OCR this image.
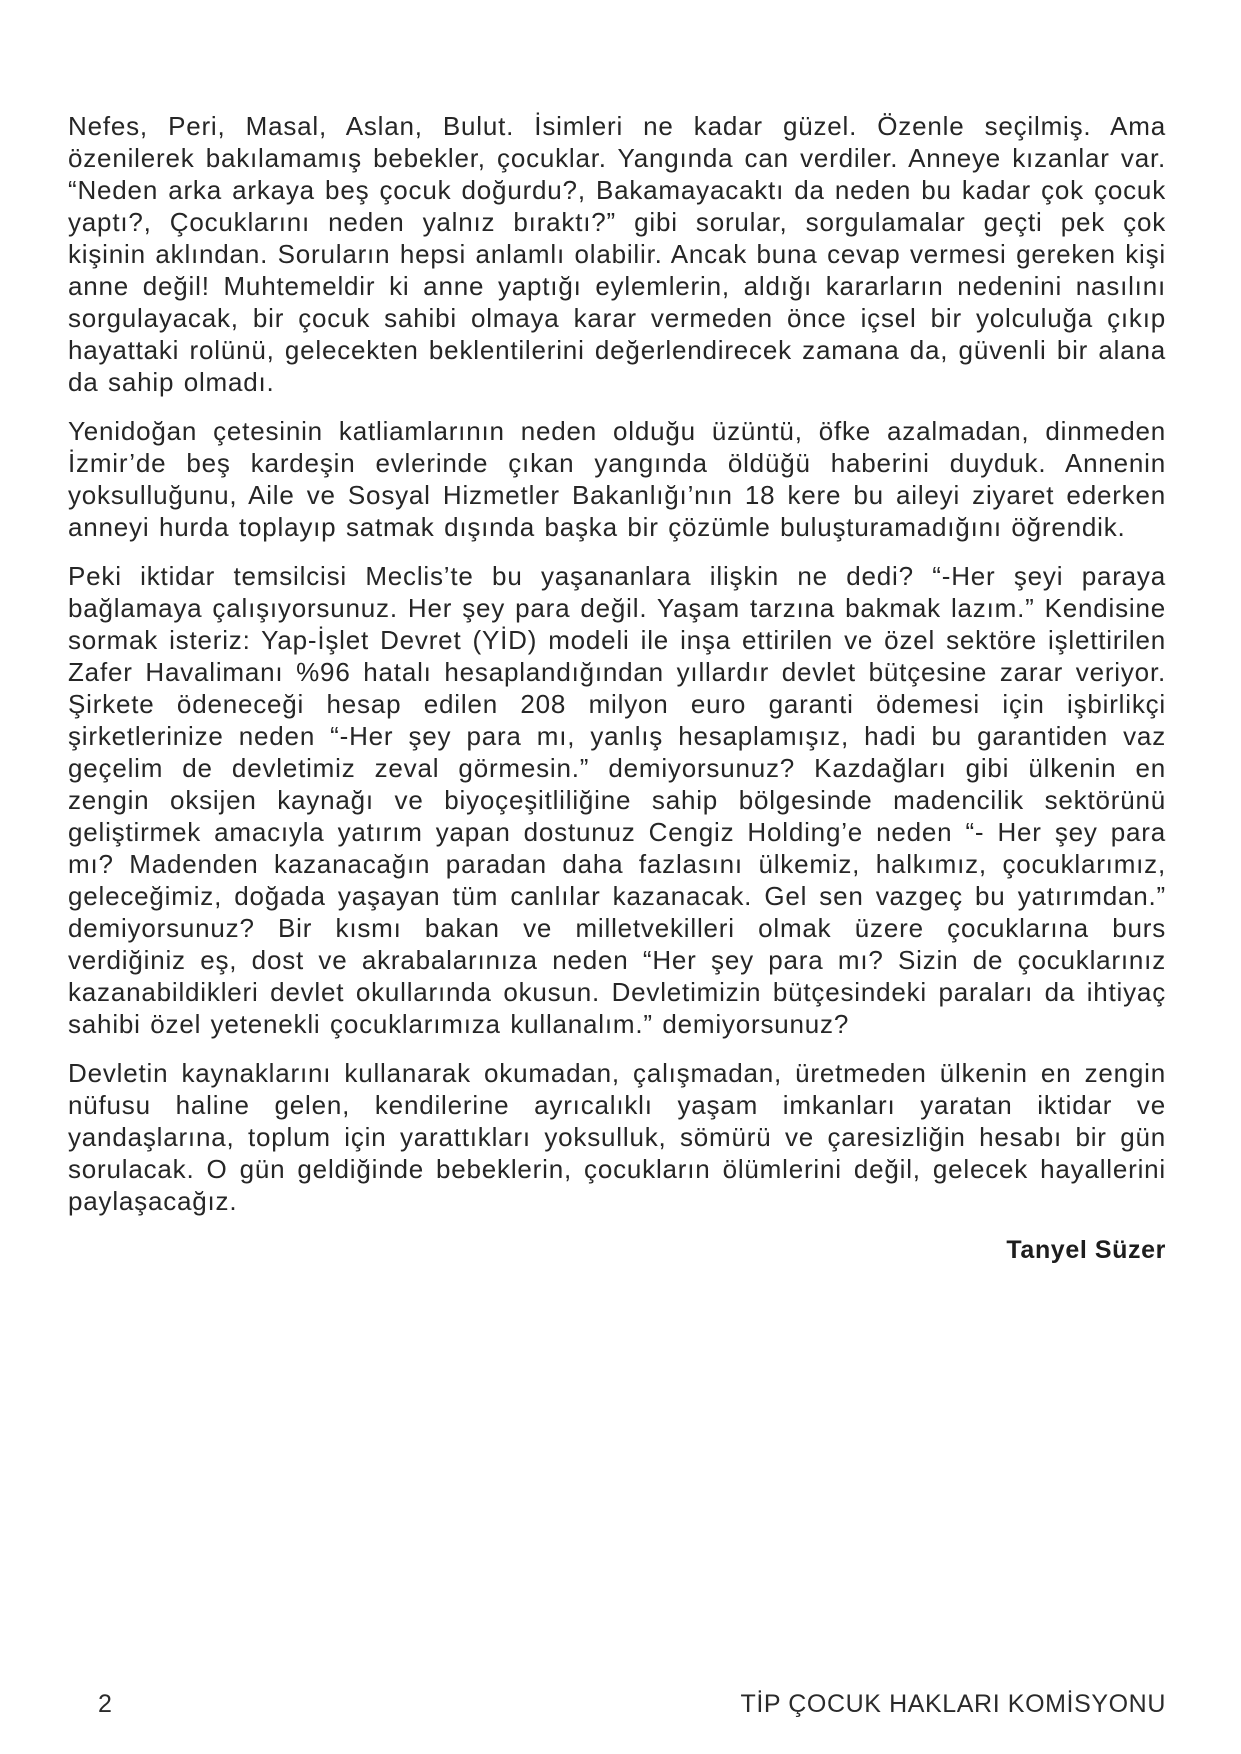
Nefes, Peri, Masal, Aslan, Bulut. İsimleri ne kadar güzel. Özenle seçilmiş. Ama özenilerek bakılamamış bebekler, çocuklar. Yangında can verdiler. Anneye kızanlar var. “Neden arka arkaya beş çocuk doğurdu?, Bakamayacaktı da neden bu kadar çok çocuk yaptı?, Çocuklarını neden yalnız bıraktı?” gibi sorular, sorgulamalar geçti pek çok kişinin aklından. Soruların hepsi anlamlı olabilir. Ancak buna cevap vermesi gereken kişi anne değil! Muhtemeldir ki anne yaptığı eylemlerin, aldığı kararların nedenini nasılını sorgulayacak, bir çocuk sahibi olmaya karar vermeden önce içsel bir yolculuğa çıkıp hayattaki rolünü, gelecekten beklentilerini değerlendirecek zamana da, güvenli bir alana da sahip olmadı.

Yenidoğan çetesinin katliamlarının neden olduğu üzüntü, öfke azalmadan, dinmeden İzmir’de beş kardeşin evlerinde çıkan yangında öldüğü haberini duyduk. Annenin yoksulluğunu, Aile ve Sosyal Hizmetler Bakanlığı’nın 18 kere bu aileyi ziyaret ederken anneyi hurda toplayıp satmak dışında başka bir çözümle buluşturamadığını öğrendik.

Peki iktidar temsilcisi Meclis’te bu yaşananlara ilişkin ne dedi? “-Her şeyi paraya bağlamaya çalışıyorsunuz. Her şey para değil. Yaşam tarzına bakmak lazım.” Kendisine sormak isteriz: Yap-İşlet Devret (YİD) modeli ile inşa ettirilen ve özel sektöre işlettirilen Zafer Havalimanı %96 hatalı hesaplandığından yıllardır devlet bütçesine zarar veriyor. Şirkete ödeneceği hesap edilen 208 milyon euro garanti ödemesi için işbirlikçi şirketlerinize neden “-Her şey para mı, yanlış hesaplamışız, hadi bu garantiden vaz geçelim de devletimiz zeval görmesin.” demiyorsunuz? Kazdağları gibi ülkenin en zengin oksijen kaynağı ve biyoçeşitliliğine sahip bölgesinde madencilik sektörünü geliştirmek amacıyla yatırım yapan dostunuz Cengiz Holding’e neden “- Her şey para mı? Madenden kazanacağın paradan daha fazlasını ülkemiz, halkımız, çocuklarımız, geleceğimiz, doğada yaşayan tüm canlılar kazanacak. Gel sen vazgeç bu yatırımdan.” demiyorsunuz? Bir kısmı bakan ve milletvekilleri olmak üzere çocuklarına burs verdiğiniz eş, dost ve akrabalarınıza neden “Her şey para mı? Sizin de çocuklarınız kazanabildikleri devlet okullarında okusun. Devletimizin bütçesindeki paraları da ihtiyaç sahibi özel yetenekli çocuklarımıza kullanalım.” demiyorsunuz?

Devletin kaynaklarını kullanarak okumadan, çalışmadan, üretmeden ülkenin en zengin nüfusu haline gelen, kendilerine ayrıcalıklı yaşam imkanları yaratan iktidar ve yandaşlarına, toplum için yarattıkları yoksulluk, sömürü ve çaresizliğin hesabı bir gün sorulacak. O gün geldiğinde bebeklerin, çocukların ölümlerini değil, gelecek hayallerini paylaşacağız.

Tanyel Süzer
2	TİP ÇOCUK HAKLARI KOMİSYONU
